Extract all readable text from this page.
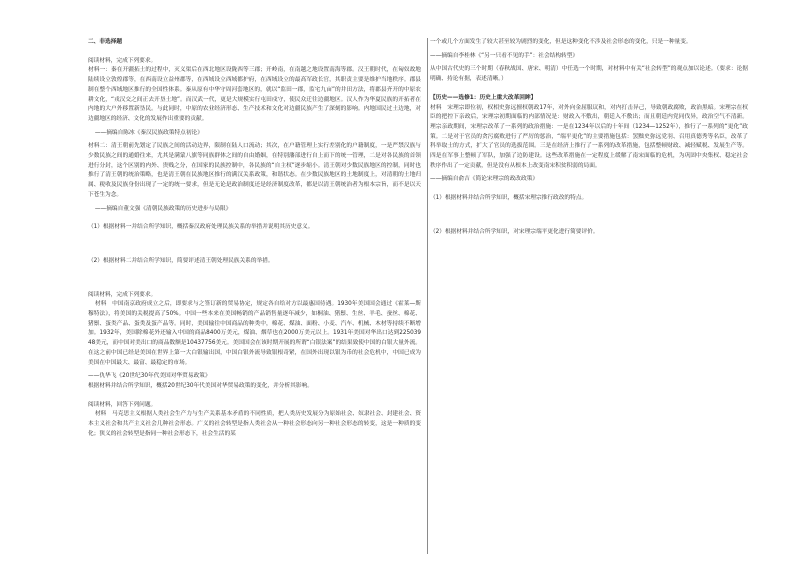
二、非选择题

阅读材料，完成下列要求。

材料一：秦在开疆拓土的过程中，灭义渠后在西北地区设陇西等三郡；开岭南，在南越之地设置南海等郡。汉王朝时代，在匈奴故地陆续设立敦煌郡等，在西南设立益州郡等，在西域设立西域都护府，在西域设立的最高军政长官，其职责主要是维护当地秩序。郡县制在整个西域地区推行的全国性体系。秦从原有中华守周河套地区的，就以“监田一郡，监宅九亩”的井田方法，将郡县齐开的中原农耕文化，“戎汉交之间正去开垦土地”。而汉武一代，更是大规模实行屯田戍守，使民众迁往边疆地区。汉人作为华夏民族的开拓者在内地的大户外移置新垦民。与此同时，中原的农业经济形态、生产技术和文化对边疆民族产生了深刻的影响。内地国民过土边地，对边疆地区的经济、文化的发展作出重要的贡献。

——摘编自陈冰《秦汉民族政策特点初论》

材料二：清王朝前先划定了民族之间的活动边界，限制在陆人口流动；其次，在户籍管理上实行差别化的户籍制度，一是严禁汉族与少数民族之间的通婚往来，尤其是满蒙八旗等同族群体之间的自由婚姻，在特别藩部进行自上而下的统一管理，二是对各民族的首领进行分封，这个区别的内外、贵贱之分，在国家的民族控制中，各民族的“自主权”逐步缩小。清王朝对少数民族地区的控制，同时也推行了清王朝的统治策略，也是清王朝在民族地区推行的满汉关系政策，和谐状态。在少数民族地区的土地制度上，对清朝的土地归属、税收及民族身份出现了一定的统一要求，但是无论是政治制度还是经济制度改革，都是以清王朝统治者为根本宗旨，而不是以天下苍生为念。

——摘编自董文强《清朝民族政策的历史进步与局限》

（1）根据材料一并结合所学知识，概括秦汉政府处理民族关系的举措并说明其历史意义。

（2）根据材料二并结合所学知识，简要评述清王朝处理民族关系的举措。

阅读材料，完成下列要求。

材料　中国南京政府成立之后，即要求与之签订新的贸易协定，规定各自给对方以最惠国待遇。1930年美国国会通过《霍莱—斯穆特法》，将美国的关税提高了50%。中国一些本来在美国畅销的产品销售量逐年减少，如桐油、猪鬃、生丝、羊毛、蚕丝、棉花、猪鬃、蛋类产品、蛋类及蛋产品等。同时，美国输往中国商品的种类中，棉花、煤油、面粉、小麦、汽车、机械、木材等持续不断增加。1932年，美国除棉花外还输入中国的商品8400万美元，煤油、烟草也在2000万美元以上。1931年美国对华出口达到22503948美元，而中国对美出口的商品数额是10437756美元。美国国会在该时期开展的所谓“白银法案”的结果致使中国的白银大量外流。在这之前中国已经是美国在世界上第一大白银输出国，中国白银外流导致银根奇紧，在国外出现以银为币的社会危机中，中国已成为美国在中国最大、最富、最稳定的市场。

——仇华飞《20世纪30年代美国对华贸易政策》

根据材料并结合所学知识，概括20世纪30年代美国对华贸易政策的变化，并分析其影响。

阅读材料，回答下列问题。

材料　马克思主义根据人类社会生产力与生产关系基本矛盾的不同性质，把人类历史发展分为原始社会、奴隶社会、封建社会、资本主义社会和共产主义社会几种社会形态。广义的社会转型是指人类社会从一种社会形态向另一种社会形态的转变，这是一种质的变化；狭义的社会转型是指同一种社会形态下，社会生活的某

一个或几个方面发生了较大甚至较为剧烈的变化，但是这种变化不涉及社会形态的变化，只是一种量变。

——摘编自李桂林《“另一只看不见的手”：社会结构转型》

从中国古代史的三个时期（春秋战国、唐宋、明清）中任选一个时期，对材料中有关“社会转型”的观点加以论述。（要求：论据明确、持论有据，表述清晰。）

【历史——选修1：历史上重大改革回眸】

材料　宋理宗即位初，权相史弥远擅权朝政17年，对外向金屈服议和，对内打击异己，导致朝政腐败，政治黑暗。宋理宗在权臣的把控下亲政后，宋理宗初期面临的内部情况是：财政入不敷出，朝廷入不敷出；而且朝廷内党同伐异，政治空气不清新。理宗亲政期间，宋理宗改革了一系列的政治措施：一是在1234年以后的十年间（1234—1252年），推行了一系列的“更化”政策。二是对于官员的贪污腐败进行了严厉的惩治，“端平更化”的主要措施包括：罢黜史弥远党羽、召用真德秀等名臣，改革了科举取士的方式，扩大了官员的选拔范围。三是在经济上推行了一系列的改革措施，包括整顿财政、减轻赋税、发展生产等。四是在军事上整顿了军队，加强了边防建设。这些改革措施在一定程度上缓解了南宋面临的危机，为巩固中央集权、稳定社会秩序作出了一定贡献，但是没有从根本上改变南宋积贫积弱的局面。

——摘编自俞吉《简论宋理宗的政改政策》

（1）根据材料并结合所学知识，概括宋理宗推行政改的特点。

（2）根据材料并结合所学知识，对宋理宗端平更化进行简要评价。
